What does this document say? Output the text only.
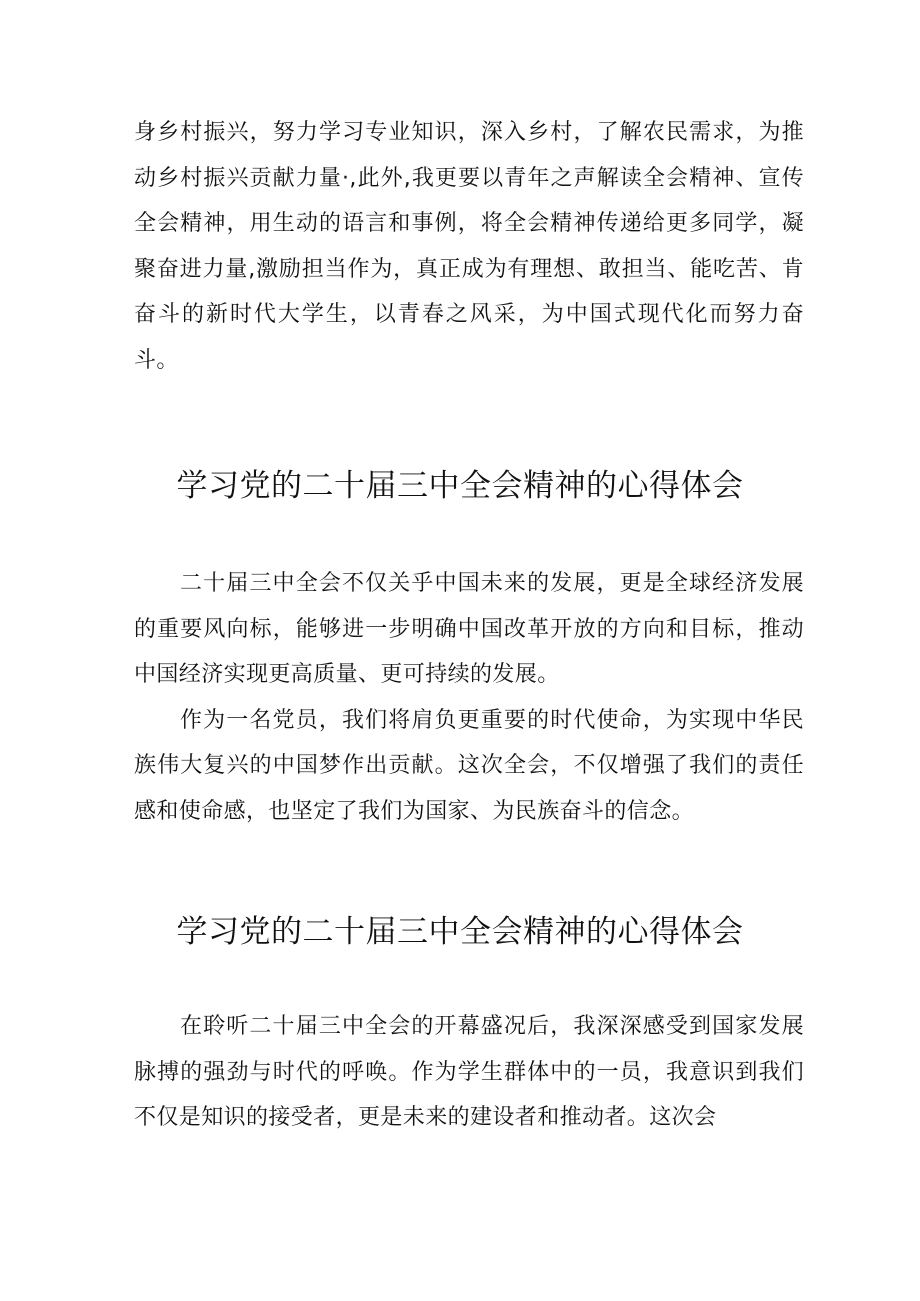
身乡村振兴，努力学习专业知识，深入乡村，了解农民需求，为推动乡村振兴贡献力量·,此外,我更要以青年之声解读全会精神、宣传全会精神，用生动的语言和事例，将全会精神传递给更多同学，凝聚奋进力量,激励担当作为，真正成为有理想、敢担当、能吃苦、肯奋斗的新时代大学生，以青春之风采，为中国式现代化而努力奋斗。

学习党的二十届三中全会精神的心得体会

二十届三中全会不仅关乎中国未来的发展，更是全球经济发展的重要风向标，能够进一步明确中国改革开放的方向和目标，推动中国经济实现更高质量、更可持续的发展。

作为一名党员，我们将肩负更重要的时代使命，为实现中华民族伟大复兴的中国梦作出贡献。这次全会，不仅增强了我们的责任感和使命感，也坚定了我们为国家、为民族奋斗的信念。

学习党的二十届三中全会精神的心得体会

在聆听二十届三中全会的开幕盛况后，我深深感受到国家发展脉搏的强劲与时代的呼唤。作为学生群体中的一员，我意识到我们不仅是知识的接受者，更是未来的建设者和推动者。这次会
